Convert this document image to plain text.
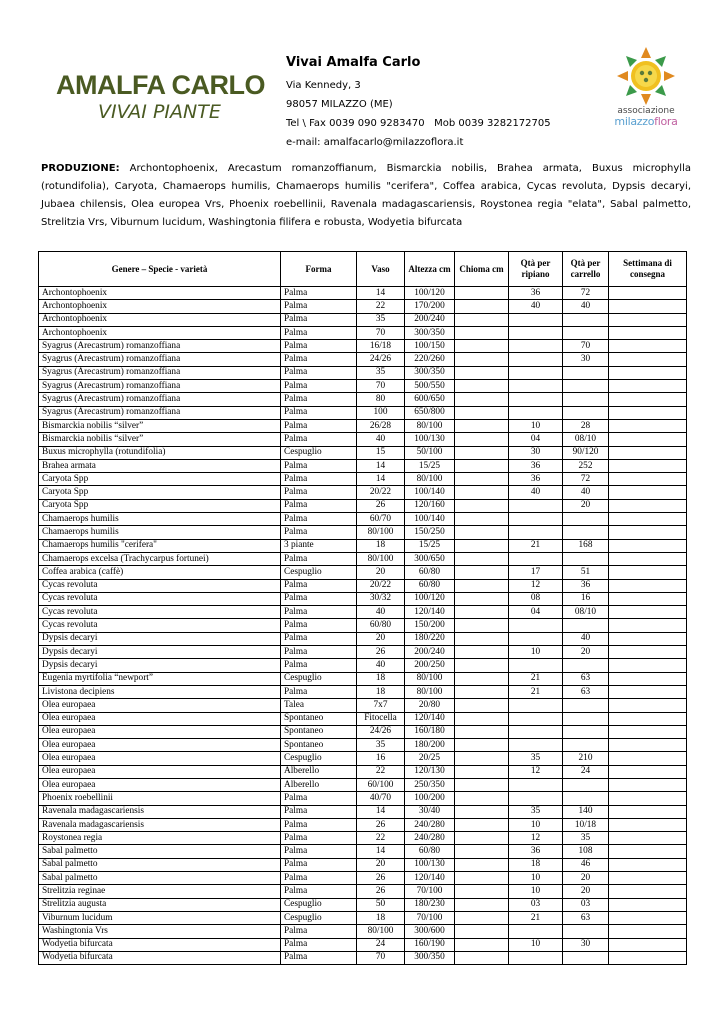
AMALFA CARLO
VIVAI PIANTE
Vivai Amalfa Carlo
Via Kennedy, 3
98057 MILAZZO (ME)
Tel \ Fax 0039 090 9283470   Mob 0039 3282172705
e-mail: amalfacarlo@milazzoflora.it
associazione
milazzoflora
PRODUZIONE: Archontophoenix, Arecastum romanzoffianum, Bismarckia nobilis, Brahea armata, Buxus microphylla (rotundifolia), Caryota, Chamaerops humilis, Chamaerops humilis "cerifera", Coffea arabica, Cycas revoluta, Dypsis decaryi, Jubaea chilensis, Olea europea Vrs, Phoenix roebellinii, Ravenala madagascariensis, Roystonea regia "elata", Sabal palmetto, Strelitzia Vrs, Viburnum lucidum, Washingtonia filifera e robusta, Wodyetia bifurcata
Genere – Specie - varietà	Forma	Vaso	Altezza cm	Chioma cm	Qtà per ripiano	Qtà per carrello	Settimana di consegna
Archontophoenix	Palma	14	100/120		36	72	
Archontophoenix	Palma	22	170/200		40	40	
Archontophoenix	Palma	35	200/240				
Archontophoenix	Palma	70	300/350				
Syagrus (Arecastrum) romanzoffiana	Palma	16/18	100/150			70	
Syagrus (Arecastrum) romanzoffiana	Palma	24/26	220/260			30	
Syagrus (Arecastrum) romanzoffiana	Palma	35	300/350				
Syagrus (Arecastrum) romanzoffiana	Palma	70	500/550				
Syagrus (Arecastrum) romanzoffiana	Palma	80	600/650				
Syagrus (Arecastrum) romanzoffiana	Palma	100	650/800				
Bismarckia nobilis “silver”	Palma	26/28	80/100		10	28	
Bismarckia nobilis “silver”	Palma	40	100/130		04	08/10	
Buxus microphylla (rotundifolia)	Cespuglio	15	50/100		30	90/120	
Brahea armata	Palma	14	15/25		36	252	
Caryota Spp	Palma	14	80/100		36	72	
Caryota Spp	Palma	20/22	100/140		40	40	
Caryota Spp	Palma	26	120/160			20	
Chamaerops humilis	Palma	60/70	100/140				
Chamaerops humilis	Palma	80/100	150/250				
Chamaerops humilis "cerifera"	3 piante	18	15/25		21	168	
Chamaerops excelsa (Trachycarpus fortunei)	Palma	80/100	300/650				
Coffea arabica (caffè)	Cespuglio	20	60/80		17	51	
Cycas revoluta	Palma	20/22	60/80		12	36	
Cycas revoluta	Palma	30/32	100/120		08	16	
Cycas revoluta	Palma	40	120/140		04	08/10	
Cycas revoluta	Palma	60/80	150/200				
Dypsis decaryi	Palma	20	180/220			40	
Dypsis decaryi	Palma	26	200/240		10	20	
Dypsis decaryi	Palma	40	200/250				
Eugenia myrtifolia “newport”	Cespuglio	18	80/100		21	63	
Livistona decipiens	Palma	18	80/100		21	63	
Olea europaea	Talea	7x7	20/80				
Olea europaea	Spontaneo	Fitocella	120/140				
Olea europaea	Spontaneo	24/26	160/180				
Olea europaea	Spontaneo	35	180/200				
Olea europaea	Cespuglio	16	20/25		35	210	
Olea europaea	Alberello	22	120/130		12	24	
Olea europaea	Alberello	60/100	250/350				
Phoenix roebellinii	Palma	40/70	100/200				
Ravenala madagascariensis	Palma	14	30/40		35	140	
Ravenala madagascariensis	Palma	26	240/280		10	10/18	
Roystonea regia	Palma	22	240/280		12	35	
Sabal palmetto	Palma	14	60/80		36	108	
Sabal palmetto	Palma	20	100/130		18	46	
Sabal palmetto	Palma	26	120/140		10	20	
Strelitzia reginae	Palma	26	70/100		10	20	
Strelitzia augusta	Cespuglio	50	180/230		03	03	
Viburnum lucidum	Cespuglio	18	70/100		21	63	
Washingtonia Vrs	Palma	80/100	300/600				
Wodyetia bifurcata	Palma	24	160/190		10	30	
Wodyetia bifurcata	Palma	70	300/350				
